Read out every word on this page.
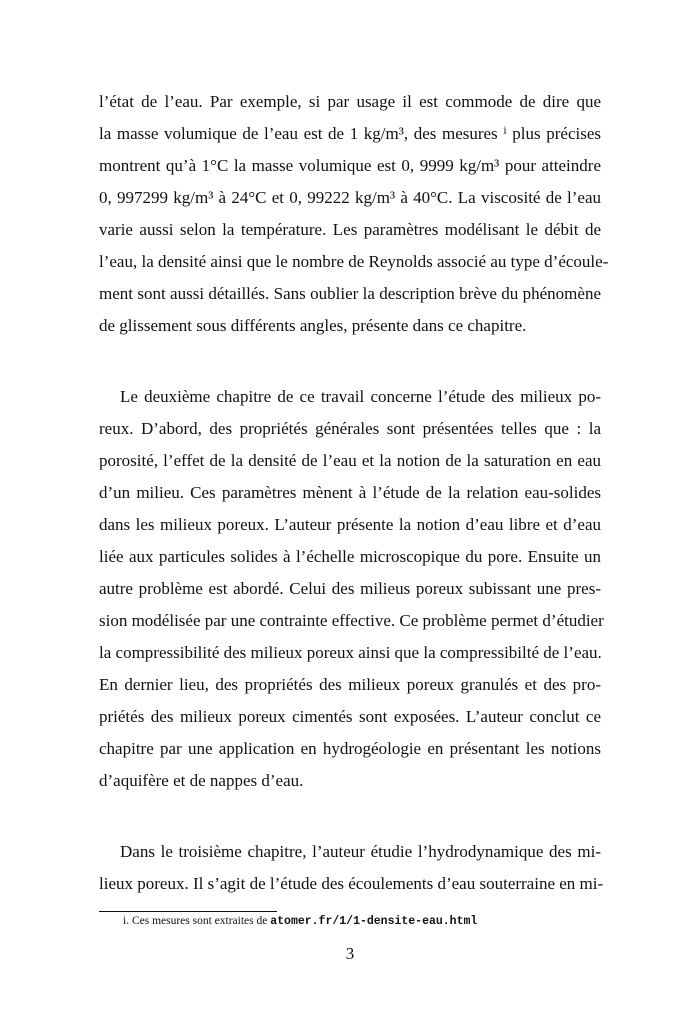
l’état de l’eau. Par exemple, si par usage il est commode de dire que
la masse volumique de l’eau est de 1 kg/m³, des mesures ⁱ plus précises
montrent qu’à 1°C la masse volumique est 0, 9999 kg/m³ pour atteindre
0, 997299 kg/m³ à 24°C et 0, 99222 kg/m³ à 40°C. La viscosité de l’eau
varie aussi selon la température. Les paramètres modélisant le débit de
l’eau, la densité ainsi que le nombre de Reynolds associé au type d’écoule-
ment sont aussi détaillés. Sans oublier la description brève du phénomène
de glissement sous différents angles, présente dans ce chapitre.
Le deuxième chapitre de ce travail concerne l’étude des milieux po-
reux. D’abord, des propriétés générales sont présentées telles que : la
porosité, l’effet de la densité de l’eau et la notion de la saturation en eau
d’un milieu. Ces paramètres mènent à l’étude de la relation eau-solides
dans les milieux poreux. L’auteur présente la notion d’eau libre et d’eau
liée aux particules solides à l’échelle microscopique du pore. Ensuite un
autre problème est abordé. Celui des milieus poreux subissant une pres-
sion modélisée par une contrainte effective. Ce problème permet d’étudier
la compressibilité des milieux poreux ainsi que la compressibilté de l’eau.
En dernier lieu, des propriétés des milieux poreux granulés et des pro-
priétés des milieux poreux cimentés sont exposées. L’auteur conclut ce
chapitre par une application en hydrogéologie en présentant les notions
d’aquifère et de nappes d’eau.
Dans le troisième chapitre, l’auteur étudie l’hydrodynamique des mi-
lieux poreux. Il s’agit de l’étude des écoulements d’eau souterraine en mi-
i. Ces mesures sont extraites de atomer.fr/1/1-densite-eau.html
3
